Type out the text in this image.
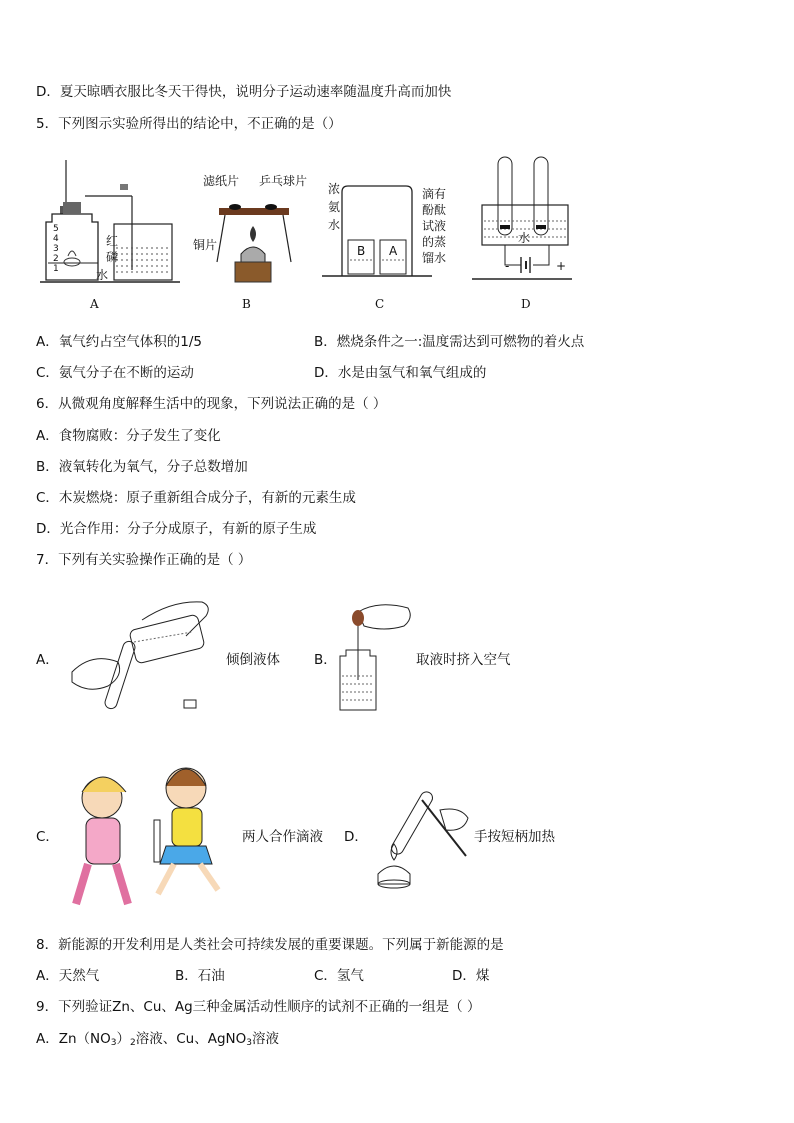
D．夏天晾晒衣服比冬天干得快，说明分子运动速率随温度升高而加快
5．下列图示实验所得出的结论中，不正确的是（）
5
4
3
2
1
红
磷
水
A
滤纸片 乒乓球片
铜片
B
浓
氨
水
B A
滴有
酚酞
试液
的蒸
馏水
C
水
-	+
D
A．氧气约占空气体积的1/5	B．燃烧条件之一:温度需达到可燃物的着火点
C．氨气分子在不断的运动	D．水是由氢气和氧气组成的
6．从微观角度解释生活中的现象，下列说法正确的是（ ）
A．食物腐败：分子发生了变化
B．液氧转化为氧气，分子总数增加
C．木炭燃烧：原子重新组合成分子，有新的元素生成
D．光合作用：分子分成原子，有新的原子生成
7．下列有关实验操作正确的是（ ）
A．	倾倒液体	B．	取液时挤入空气
C．	两人合作滴液 D．	手按短柄加热
8．新能源的开发利用是人类社会可持续发展的重要课题。下列属于新能源的是
A．天然气	B．石油	C．氢气	D．煤
9．下列验证Zn、Cu、Ag三种金属活动性顺序的试剂不正确的一组是（ ）
A．$Zn(NO_3)_2$溶液、Cu、AgNO$_3$溶液
